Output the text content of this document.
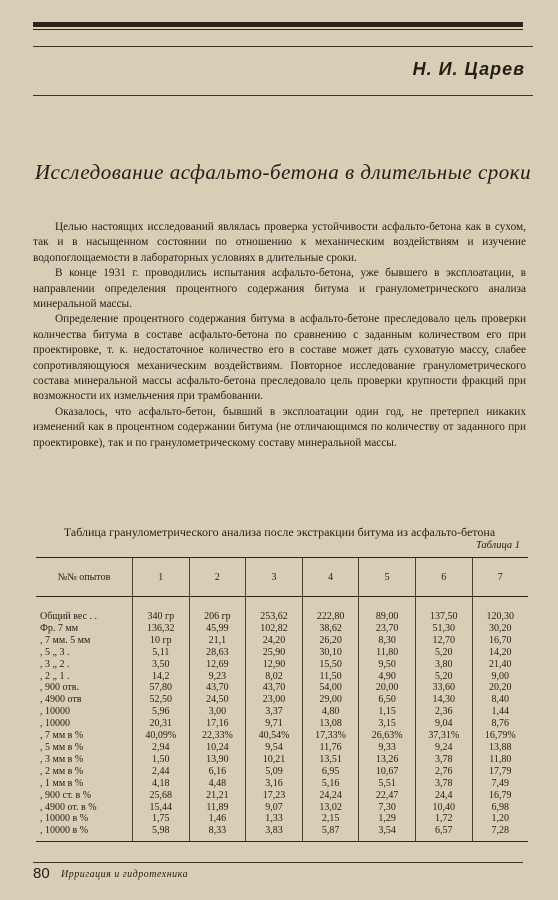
Н. И. Царев
Исследование асфальто-бетона в длительные сроки

Целью настоящих исследований являлась проверка устойчивости асфальто-бетона как в сухом, так и в насыщенном состоянии по отношению к механическим воздействиям и изучение водопоглощаемости в лабораторных условиях в длительные сроки.

В конце 1931 г. проводились испытания асфальто-бетона, уже бывшего в эксплоатации, в направлении определения процентного содержания битума и гранулометрического анализа минеральной массы.

Определение процентного содержания битума в асфальто-бетоне преследовало цель проверки количества битума в составе асфальто-бетона по сравнению с заданным количеством его при проектировке, т. к. недостаточное количество его в составе может дать суховатую массу, слабее сопротивляющуюся механическим воздействиям. Повторное исследование гранулометрического состава минеральной массы асфальто-бетона преследовало цель проверки крупности фракций при возможности их измельчения при трамбовании.

Оказалось, что асфальто-бетон, бывший в эксплоатации один год, не претерпел никаких изменений как в процентном содержании битума (не отличающимся по количеству от заданного при проектировке), так и по гранулометрическому составу минеральной массы.

Таблица гранулометрического анализа после экстракции битума из асфальто-бетона
Таблица 1
№№ опытов	1	2	3	4	5	6	7
Общий вес . .	340 гр	206 гр	253,62	222,80	89,00	137,50	120,30
Фр. 7 мм	136,32	45,99	102,82	38,62	23,70	51,30	30,20
, 7 мм. 5 мм	10 гр	21,1	24,20	26,20	8,30	12,70	16,70
, 5 „ 3 .	5,11	28,63	25,90	30,10	11,80	5,20	14,20
, 3 „ 2 .	3,50	12,69	12,90	15,50	9,50	3,80	21,40
, 2 „ 1 .	14,2	9,23	8,02	11,50	4,90	5,20	9,00
, 900 отв.	57,80	43,70	43,70	54,00	20,00	33,60	20,20
, 4900 отв	52,50	24,50	23,00	29,00	6,50	14,30	8,40
, 10000	5,96	3,00	3,37	4,80	1,15	2,36	1,44
, 10000	20,31	17,16	9,71	13,08	3,15	9,04	8,76
, 7 мм в %	40,09%	22,33%	40,54%	17,33%	26,63%	37,31%	16,79%
, 5 мм в %	2,94	10,24	9,54	11,76	9,33	9,24	13,88
, 3 мм в %	1,50	13,90	10,21	13,51	13,26	3,78	11,80
, 2 мм в %	2,44	6,16	5,09	6,95	10,67	2,76	17,79
, 1 мм в %	4,18	4,48	3,16	5,16	5,51	3,78	7,49
, 900 ст. в %	25,68	21,21	17,23	24,24	22,47	24,4	16,79
, 4900 от. в %	15,44	11,89	9,07	13,02	7,30	10,40	6,98
, 10000 в %	1,75	1,46	1,33	2,15	1,29	1,72	1,20
, 10000 в %	5,98	8,33	3,83	5,87	3,54	6,57	7,28
80 Ирригация и гидротехника
